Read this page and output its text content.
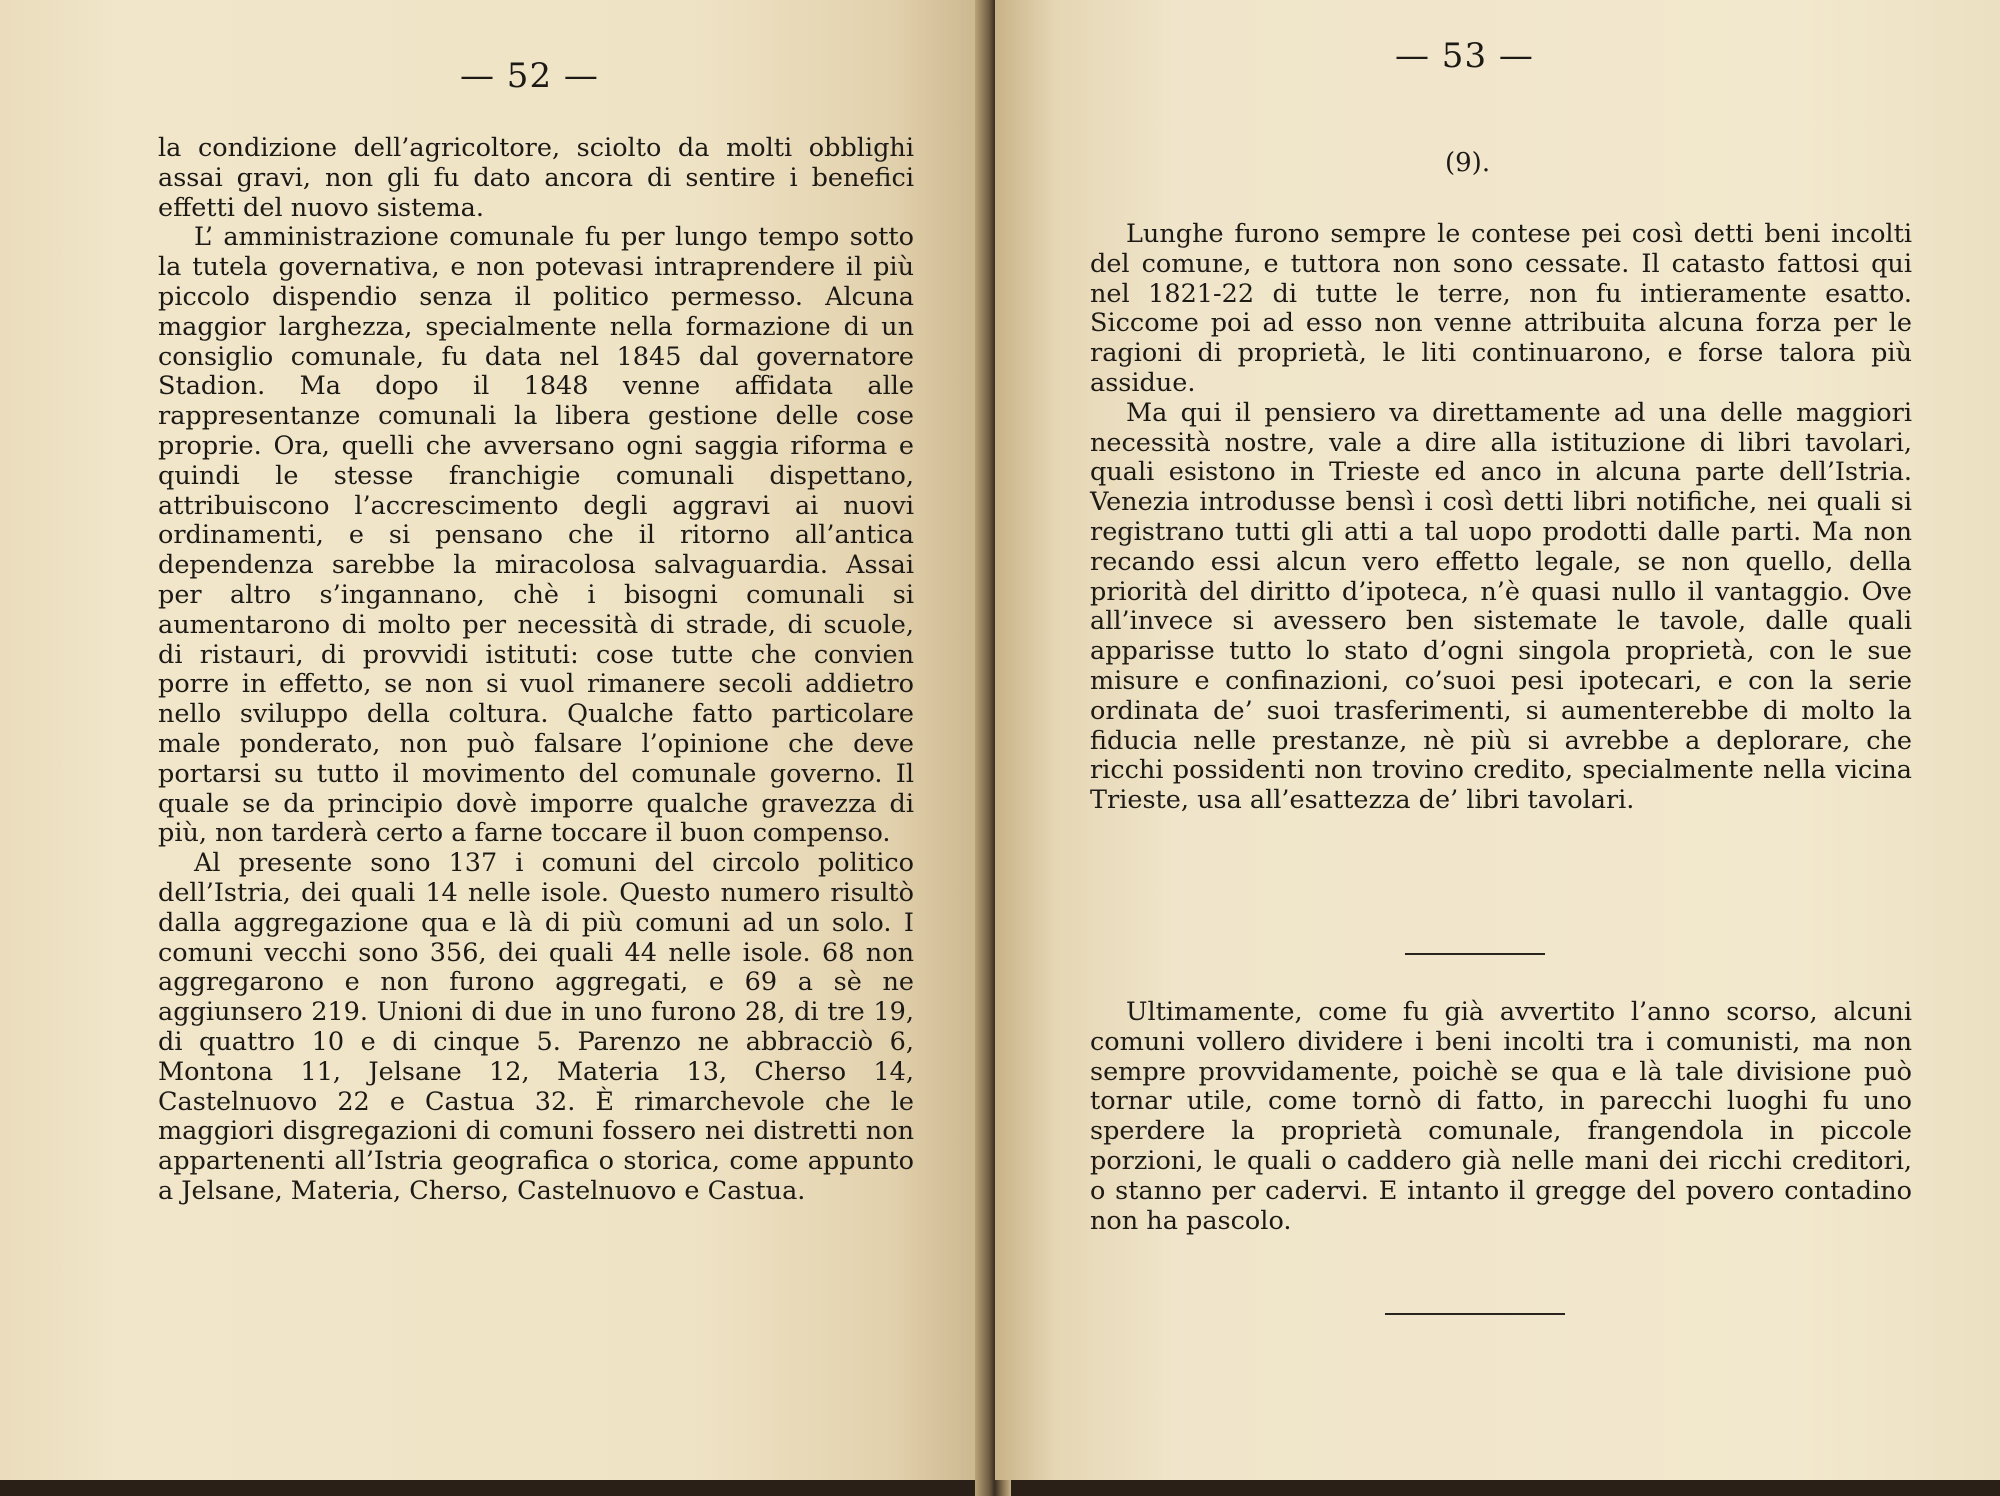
— 52 —

la condizione dell’agricoltore, sciolto da molti obblighi assai gravi, non gli fu dato ancora di sentire i benefici effetti del nuovo sistema.

L’ amministrazione comunale fu per lungo tempo sotto la tutela governativa, e non potevasi intraprendere il più piccolo dispendio senza il politico permesso. Alcuna maggior larghezza, specialmente nella formazione di un consiglio comunale, fu data nel 1845 dal governatore Stadion. Ma dopo il 1848 venne affidata alle rappresentanze comunali la libera gestione delle cose proprie. Ora, quelli che avversano ogni saggia riforma e quindi le stesse franchigie comunali dispettano, attribuiscono l’accrescimento degli aggravi ai nuovi ordinamenti, e si pensano che il ritorno all’antica dependenza sarebbe la miracolosa salvaguardia. Assai per altro s’ingannano, chè i bisogni comunali si aumentarono di molto per necessità di strade, di scuole, di ristauri, di provvidi istituti: cose tutte che convien porre in effetto, se non si vuol rimanere secoli addietro nello sviluppo della coltura. Qualche fatto particolare male ponderato, non può falsare l’opinione che deve portarsi su tutto il movimento del comunale governo. Il quale se da principio dovè imporre qualche gravezza di più, non tarderà certo a farne toccare il buon compenso.

Al presente sono 137 i comuni del circolo politico dell’Istria, dei quali 14 nelle isole. Questo numero risultò dalla aggregazione qua e là di più comuni ad un solo. I comuni vecchi sono 356, dei quali 44 nelle isole. 68 non aggregarono e non furono aggregati, e 69 a sè ne aggiunsero 219. Unioni di due in uno furono 28, di tre 19, di quattro 10 e di cinque 5. Parenzo ne abbracciò 6, Montona 11, Jelsane 12, Materia 13, Cherso 14, Castelnuovo 22 e Castua 32. È rimarchevole che le maggiori disgregazioni di comuni fossero nei distretti non appartenenti all’Istria geografica o storica, come appunto a Jelsane, Materia, Cherso, Castelnuovo e Castua.

— 53 —
(9).

Lunghe furono sempre le contese pei così detti beni incolti del comune, e tuttora non sono cessate. Il catasto fattosi qui nel 1821-22 di tutte le terre, non fu intieramente esatto. Siccome poi ad esso non venne attribuita alcuna forza per le ragioni di proprietà, le liti continuarono, e forse talora più assidue.

Ma qui il pensiero va direttamente ad una delle maggiori necessità nostre, vale a dire alla istituzione di libri tavolari, quali esistono in Trieste ed anco in alcuna parte dell’Istria. Venezia introdusse bensì i così detti libri notifiche, nei quali si registrano tutti gli atti a tal uopo prodotti dalle parti. Ma non recando essi alcun vero effetto legale, se non quello, della priorità del diritto d’ipoteca, n’è quasi nullo il vantaggio. Ove all’invece si avessero ben sistemate le tavole, dalle quali apparisse tutto lo stato d’ogni singola proprietà, con le sue misure e confinazioni, co’suoi pesi ipotecari, e con la serie ordinata de’ suoi trasferimenti, si aumenterebbe di molto la fiducia nelle prestanze, nè più si avrebbe a deplorare, che ricchi possidenti non trovino credito, specialmente nella vicina Trieste, usa all’esattezza de’ libri tavolari.

Ultimamente, come fu già avvertito l’anno scorso, alcuni comuni vollero dividere i beni incolti tra i comunisti, ma non sempre provvidamente, poichè se qua e là tale divisione può tornar utile, come tornò di fatto, in parecchi luoghi fu uno sperdere la proprietà comunale, frangendola in piccole porzioni, le quali o caddero già nelle mani dei ricchi creditori, o stanno per cadervi. E intanto il gregge del povero contadino non ha pascolo.
